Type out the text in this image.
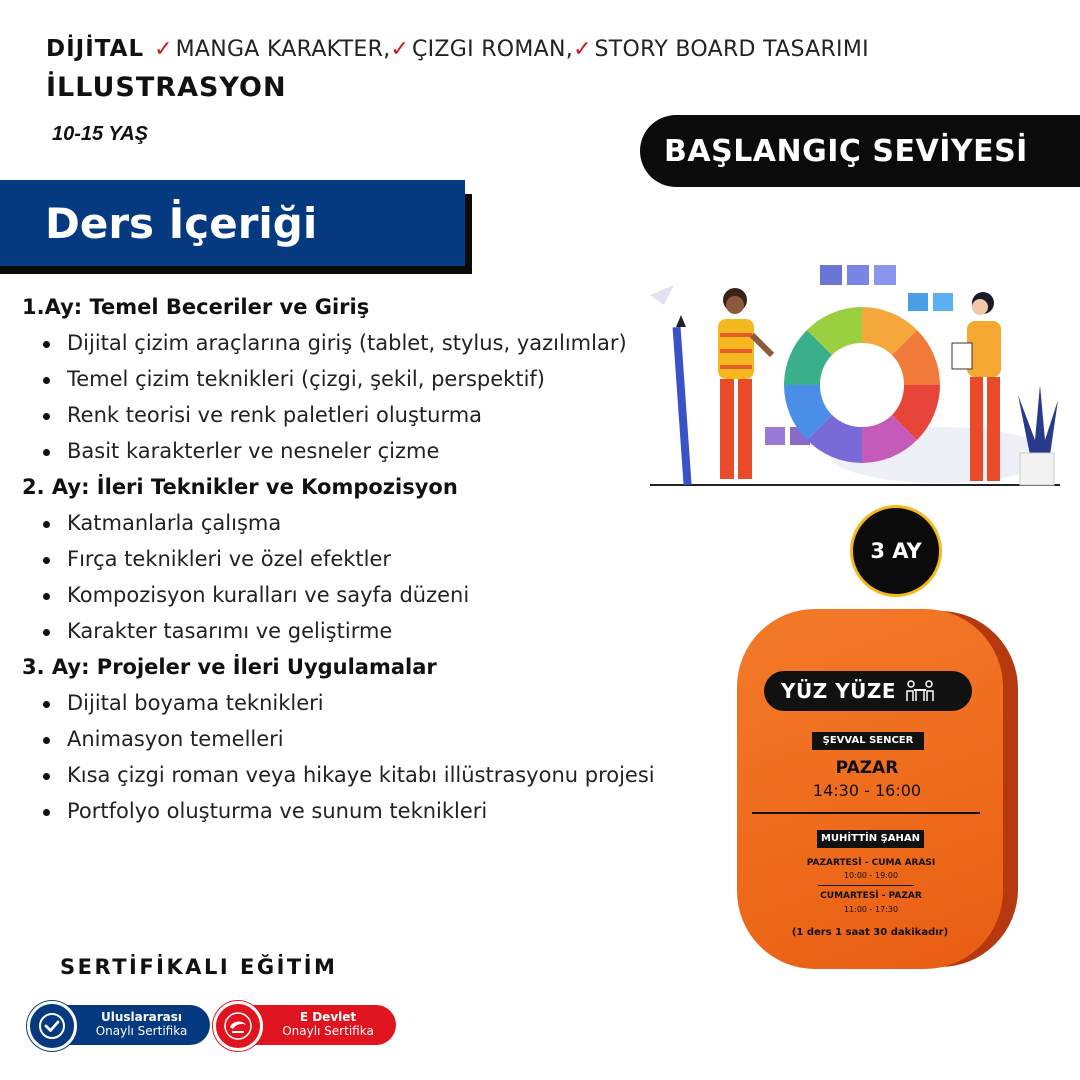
DİJİTAL ✓ MANGA KARAKTER, ✓ ÇIZGI ROMAN, ✓ STORY BOARD TASARIMI
İLLUSTRASYON
10-15 YAŞ	BAŞLANGIÇ SEVİYESİ
Ders İçeriği
1.Ay: Temel Beceriler ve Giriş
Dijital çizim araçlarına giriş (tablet, stylus, yazılımlar)
Temel çizim teknikleri (çizgi, şekil, perspektif)
Renk teorisi ve renk paletleri oluşturma
Basit karakterler ve nesneler çizme
2. Ay: İleri Teknikler ve Kompozisyon
Katmanlarla çalışma
Fırça teknikleri ve özel efektler
Kompozisyon kuralları ve sayfa düzeni
Karakter tasarımı ve geliştirme
3. Ay: Projeler ve İleri Uygulamalar
Dijital boyama teknikleri
Animasyon temelleri
Kısa çizgi roman veya hikaye kitabı illüstrasyonu projesi
Portfolyo oluşturma ve sunum teknikleri
3 AY
YÜZ YÜZE
ŞEVVAL SENCER
PAZAR
14:30 - 16:00
MUHİTTİN ŞAHAN
PAZARTESİ - CUMA ARASI
10:00 - 19:00
CUMARTESİ - PAZAR
11:00 - 17:30
(1 ders 1 saat 30 dakikadır)
SERTİFİKALI EĞİTİM
Uluslararası
Onaylı Sertifika
E Devlet
Onaylı Sertifika
